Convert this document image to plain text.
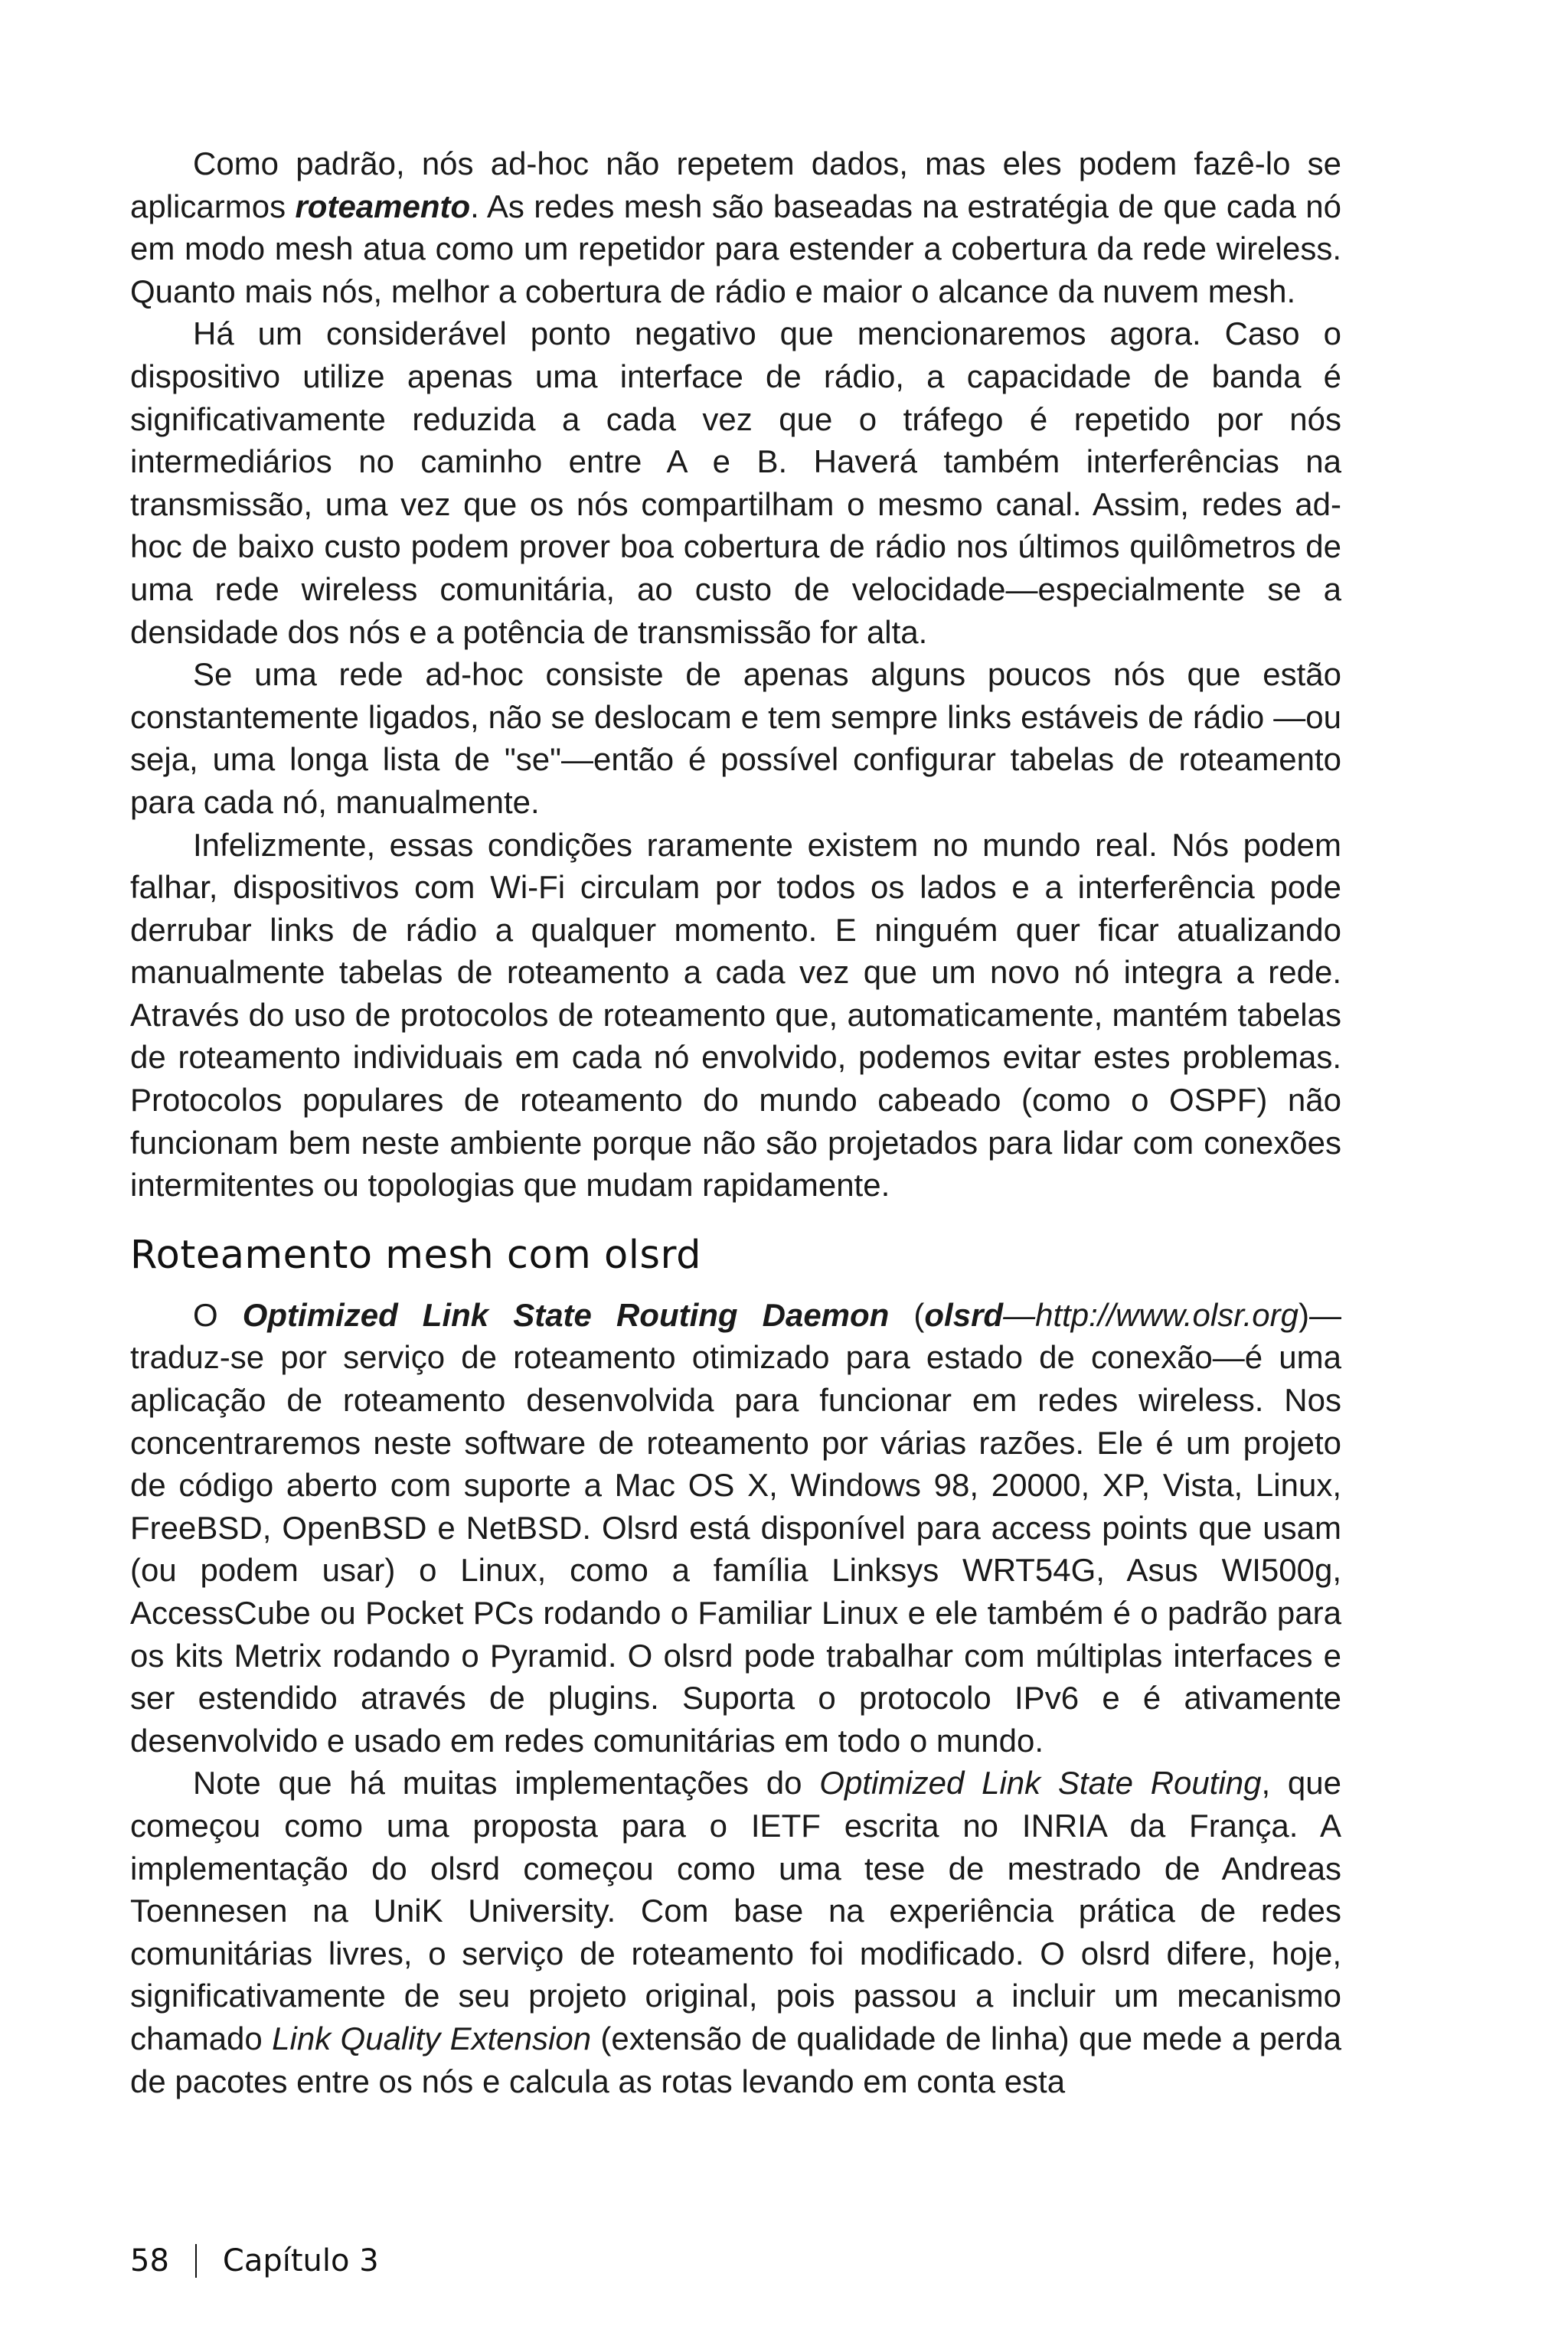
Como padrão, nós ad-hoc não repetem dados, mas eles podem fazê-lo se aplicarmos roteamento. As redes mesh são baseadas na estratégia de que cada nó em modo mesh atua como um repetidor para estender a cobertura da rede wireless. Quanto mais nós, melhor a cobertura de rádio e maior o alcance da nuvem mesh.

Há um considerável ponto negativo que mencionaremos agora. Caso o dispositivo utilize apenas uma interface de rádio, a capacidade de banda é significativamente reduzida a cada vez que o tráfego é repetido por nós intermediários no caminho entre A e B. Haverá também interferências na transmissão, uma vez que os nós compartilham o mesmo canal. Assim, redes ad-hoc de baixo custo podem prover boa cobertura de rádio nos últimos quilômetros de uma rede wireless comunitária, ao custo de velocidade—especialmente se a densidade dos nós e a potência de transmissão for alta.

Se uma rede ad-hoc consiste de apenas alguns poucos nós que estão constantemente ligados, não se deslocam e tem sempre links estáveis de rádio —ou seja, uma longa lista de "se"—então é possível configurar tabelas de roteamento para cada nó, manualmente.

Infelizmente, essas condições raramente existem no mundo real. Nós podem falhar, dispositivos com Wi-Fi circulam por todos os lados e a interferência pode derrubar links de rádio a qualquer momento. E ninguém quer ficar atualizando manualmente tabelas de roteamento a cada vez que um novo nó integra a rede. Através do uso de protocolos de roteamento que, automaticamente, mantém tabelas de roteamento individuais em cada nó envolvido, podemos evitar estes problemas. Protocolos populares de roteamento do mundo cabeado (como o OSPF) não funcionam bem neste ambiente porque não são projetados para lidar com conexões intermitentes ou topologias que mudam rapidamente.

Roteamento mesh com olsrd

O Optimized Link State Routing Daemon (olsrd—http://www.olsr.org)—traduz-se por serviço de roteamento otimizado para estado de conexão—é uma aplicação de roteamento desenvolvida para funcionar em redes wireless. Nos concentraremos neste software de roteamento por várias razões. Ele é um projeto de código aberto com suporte a Mac OS X, Windows 98, 20000, XP, Vista, Linux, FreeBSD, OpenBSD e NetBSD. Olsrd está disponível para access points que usam (ou podem usar) o Linux, como a família Linksys WRT54G, Asus WI500g, AccessCube ou Pocket PCs rodando o Familiar Linux e ele também é o padrão para os kits Metrix rodando o Pyramid. O olsrd pode trabalhar com múltiplas interfaces e ser estendido através de plugins. Suporta o protocolo IPv6 e é ativamente desenvolvido e usado em redes comunitárias em todo o mundo.

Note que há muitas implementações do Optimized Link State Routing, que começou como uma proposta para o IETF escrita no INRIA da França. A implementação do olsrd começou como uma tese de mestrado de Andreas Toennesen na UniK University. Com base na experiência prática de redes comunitárias livres, o serviço de roteamento foi modificado. O olsrd difere, hoje, significativamente de seu projeto original, pois passou a incluir um mecanismo chamado Link Quality Extension (extensão de qualidade de linha) que mede a perda de pacotes entre os nós e calcula as rotas levando em conta esta

58 Capítulo 3
